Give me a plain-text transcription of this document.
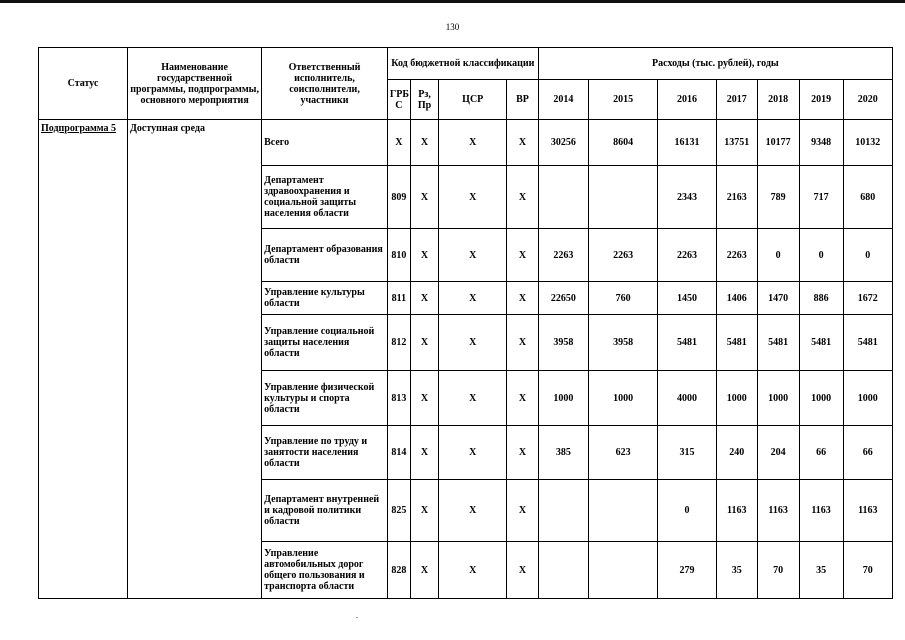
130
Статус	Наименование государственной программы, подпрограммы, основного мероприятия	Ответственный исполнитель, соисполнители, участники	Код бюджетной классификации				Расходы (тыс. рублей), годы						
			ГРБ С	Рз, Пр	ЦСР	ВР	2014	2015	2016	2017	2018	2019	2020
Подпрограмма 5	Доступная среда	Всего	X	X	X	X	30256	8604	16131	13751	10177	9348	10132
		Департамент здравоохранения и социальной защиты населения области	809	X	X	X			2343	2163	789	717	680
		Департамент образования области	810	X	X	X	2263	2263	2263	2263	0	0	0
		Управление культуры области	811	X	X	X	22650	760	1450	1406	1470	886	1672
		Управление социальной защиты населения области	812	X	X	X	3958	3958	5481	5481	5481	5481	5481
		Управление физической культуры и спорта области	813	X	X	X	1000	1000	4000	1000	1000	1000	1000
		Управление по труду и занятости населения области	814	X	X	X	385	623	315	240	204	66	66
		Департамент внутренней и кадровой политики области	825	X	X	X			0	1163	1163	1163	1163
		Управление автомобильных дорог общего пользования и транспорта области	828	X	X	X			279	35	70	35	70
